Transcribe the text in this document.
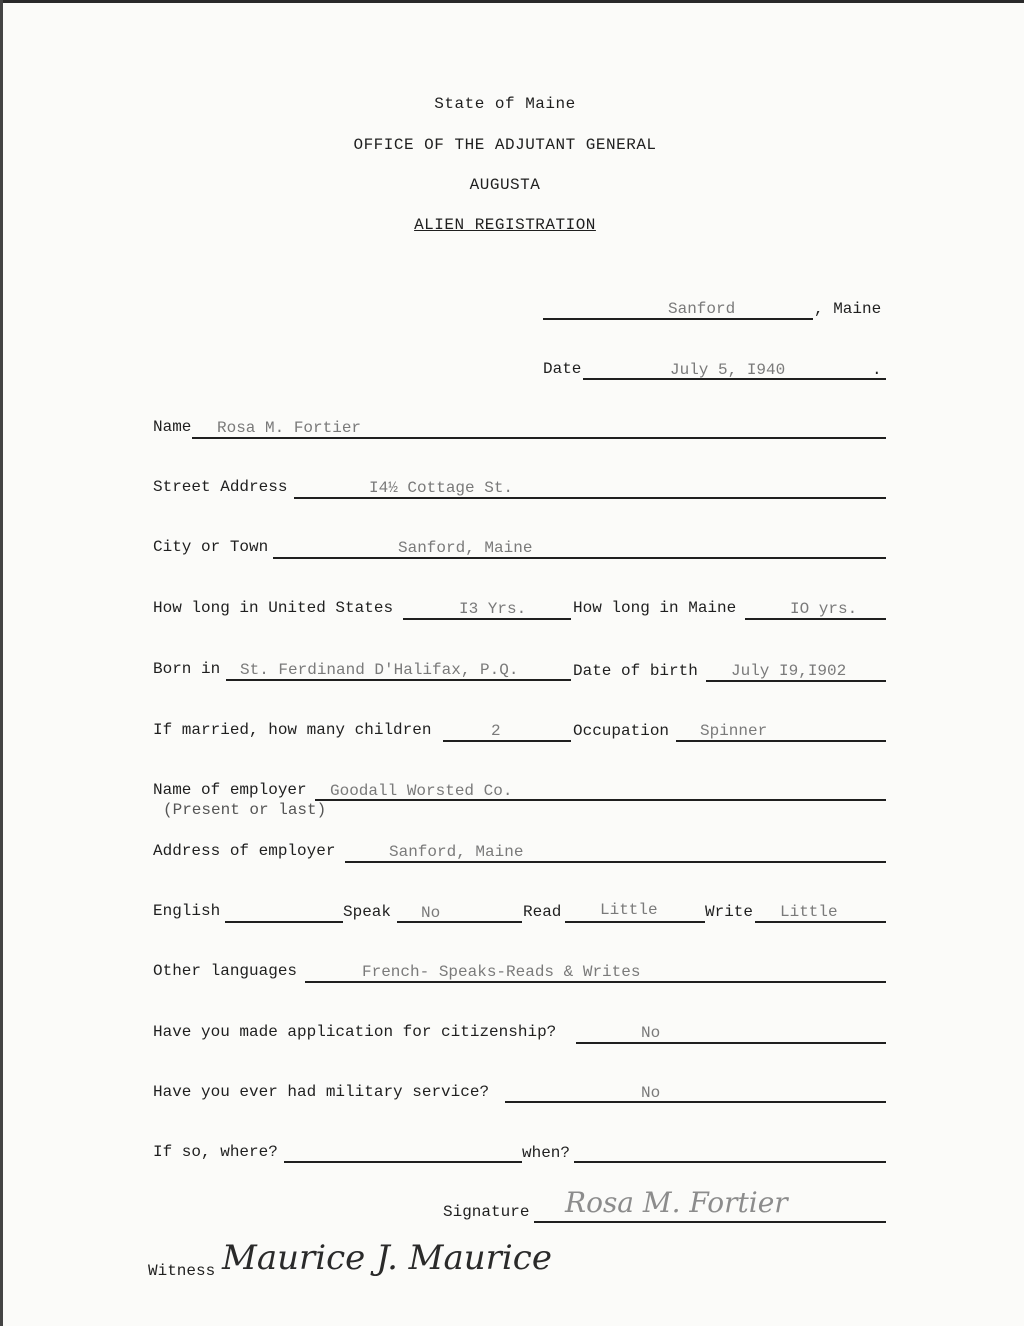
State of Maine
OFFICE OF THE ADJUTANT GENERAL
AUGUSTA
ALIEN REGISTRATION
Sanford	, Maine
Date	July 5, I940	.
Name Rosa M. Fortier
Street Address	I4½ Cottage St.
City or Town	Sanford, Maine
How long in United States	I3 Yrs.	How long in Maine	IO yrs.
Born in St. Ferdinand D'Halifax, P.Q.	Date of birth July I9,I902
If married, how many children	2	Occupation Spinner
Name of employer Goodall Worsted Co.
(Present or last)
Address of employer	Sanford, Maine
English	Speak No	Read Little	Write Little
Other languages	French- Speaks-Reads & Writes
Have you made application for citizenship?	No
Have you ever had military service?	No
If so, where?	when?
Signature Rosa M. Fortier
Witness Maurice J. Maurice
